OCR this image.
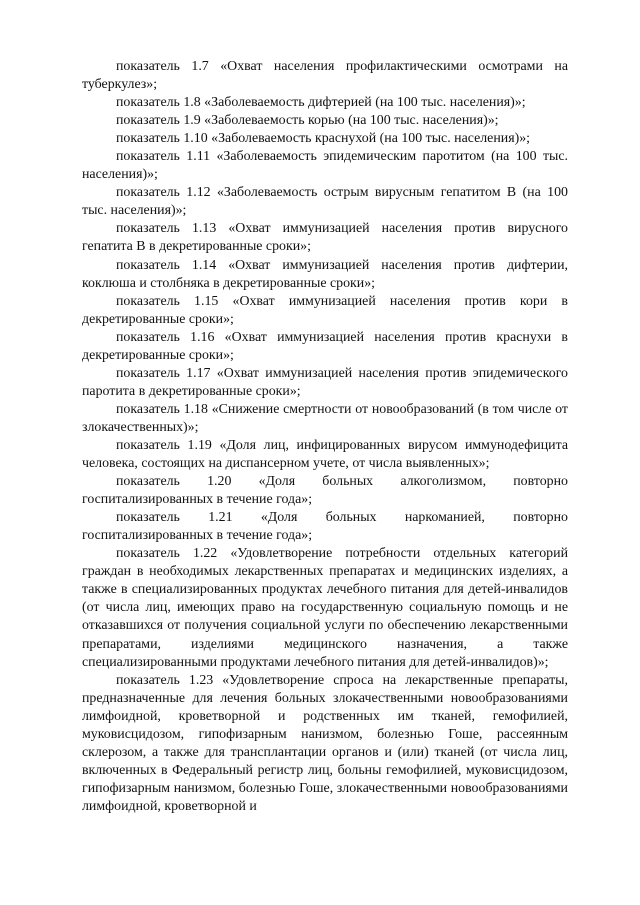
показатель 1.7 «Охват населения профилактическими осмотрами на туберкулез»;

показатель 1.8 «Заболеваемость дифтерией (на 100 тыс. населения)»;

показатель 1.9 «Заболеваемость корью (на 100 тыс. населения)»;

показатель 1.10 «Заболеваемость краснухой (на 100 тыс. населения)»;

показатель 1.11 «Заболеваемость эпидемическим паротитом (на 100 тыс. населения)»;

показатель 1.12 «Заболеваемость острым вирусным гепатитом В (на 100 тыс. населения)»;

показатель 1.13 «Охват иммунизацией населения против вирусного гепатита В в декретированные сроки»;

показатель 1.14 «Охват иммунизацией населения против дифтерии, коклюша и столбняка в декретированные сроки»;

показатель 1.15 «Охват иммунизацией населения против кори в декретированные сроки»;

показатель 1.16 «Охват иммунизацией населения против краснухи в декретированные сроки»;

показатель 1.17 «Охват иммунизацией населения против эпидемического паротита в декретированные сроки»;

показатель 1.18 «Снижение смертности от новообразований (в том числе от злокачественных)»;

показатель 1.19 «Доля лиц, инфицированных вирусом иммунодефицита человека, состоящих на диспансерном учете, от числа выявленных»;

показатель 1.20 «Доля больных алкоголизмом, повторно госпитализированных в течение года»;

показатель 1.21 «Доля больных наркоманией, повторно госпитализированных в течение года»;

показатель 1.22 «Удовлетворение потребности отдельных категорий граждан в необходимых лекарственных препаратах и медицинских изделиях, а также в специализированных продуктах лечебного питания для детей-инвалидов (от числа лиц, имеющих право на государственную социальную помощь и не отказавшихся от получения социальной услуги по обеспечению лекарственными препаратами, изделиями медицинского назначения, а также специализированными продуктами лечебного питания для детей-инвалидов)»;

показатель 1.23 «Удовлетворение спроса на лекарственные препараты, предназначенные для лечения больных злокачественными новообразованиями лимфоидной, кроветворной и родственных им тканей, гемофилией, муковисцидозом, гипофизарным нанизмом, болезнью Гоше, рассеянным склерозом, а также для трансплантации органов и (или) тканей (от числа лиц, включенных в Федеральный регистр лиц, больны гемофилией, муковисцидозом, гипофизарным нанизмом, болезнью Гоше, злокачественными новообразованиями лимфоидной, кроветворной и
